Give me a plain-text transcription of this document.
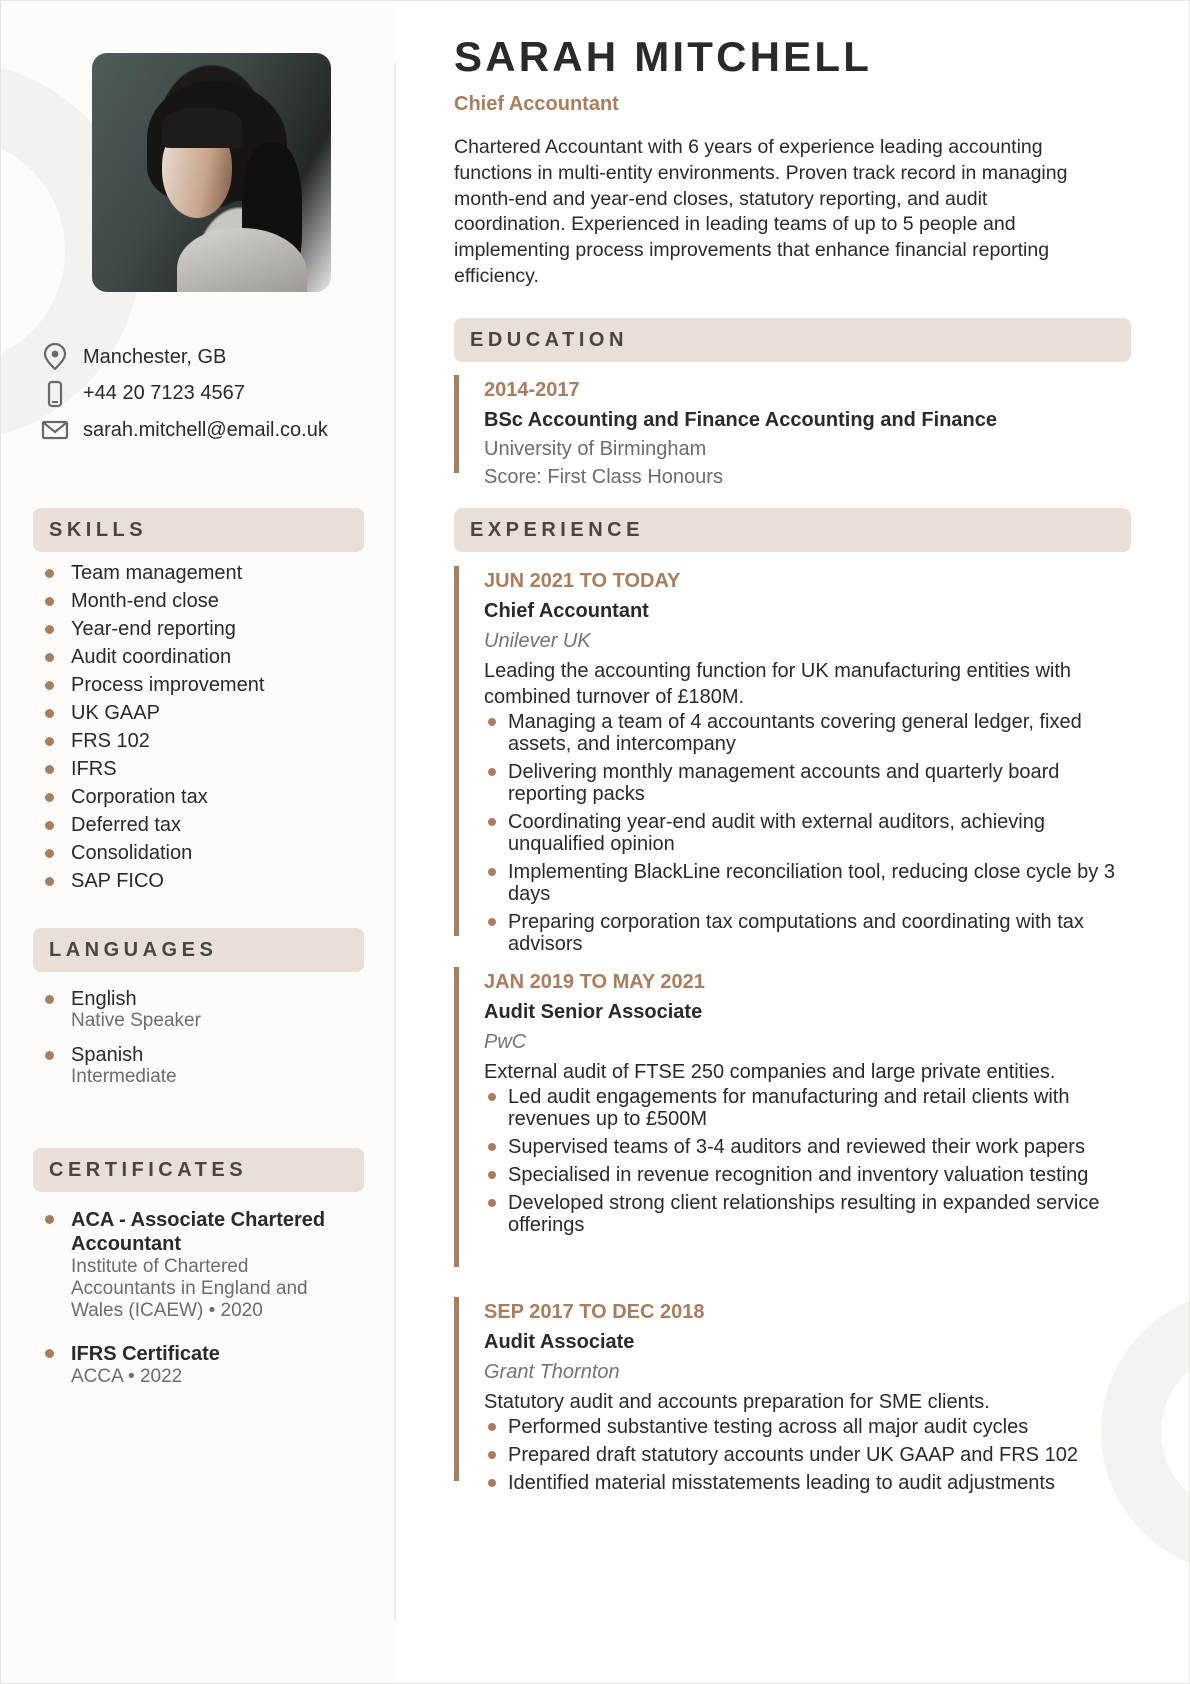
Manchester, GB
+44 20 7123 4567
sarah.mitchell@email.co.uk
SKILLS
Team management
Month-end close
Year-end reporting
Audit coordination
Process improvement
UK GAAP
FRS 102
IFRS
Corporation tax
Deferred tax
Consolidation
SAP FICO
LANGUAGES
English
Native Speaker
Spanish
Intermediate
CERTIFICATES
ACA - Associate Chartered Accountant
Institute of Chartered Accountants in England and Wales (ICAEW) • 2020
IFRS Certificate
ACCA • 2022
SARAH MITCHELL
Chief Accountant

Chartered Accountant with 6 years of experience leading accounting functions in multi-entity environments. Proven track record in managing month-end and year-end closes, statutory reporting, and audit coordination. Experienced in leading teams of up to 5 people and implementing process improvements that enhance financial reporting efficiency.

EDUCATION
2014-2017
BSc Accounting and Finance Accounting and Finance
University of Birmingham
Score: First Class Honours
EXPERIENCE
JUN 2021 TO TODAY
Chief Accountant
Unilever UK
Leading the accounting function for UK manufacturing entities with combined turnover of £180M.
Managing a team of 4 accountants covering general ledger, fixed assets, and intercompany
Delivering monthly management accounts and quarterly board reporting packs
Coordinating year-end audit with external auditors, achieving unqualified opinion
Implementing BlackLine reconciliation tool, reducing close cycle by 3 days
Preparing corporation tax computations and coordinating with tax advisors
JAN 2019 TO MAY 2021
Audit Senior Associate
PwC
External audit of FTSE 250 companies and large private entities.
Led audit engagements for manufacturing and retail clients with revenues up to £500M
Supervised teams of 3-4 auditors and reviewed their work papers
Specialised in revenue recognition and inventory valuation testing
Developed strong client relationships resulting in expanded service offerings
SEP 2017 TO DEC 2018
Audit Associate
Grant Thornton
Statutory audit and accounts preparation for SME clients.
Performed substantive testing across all major audit cycles
Prepared draft statutory accounts under UK GAAP and FRS 102
Identified material misstatements leading to audit adjustments
